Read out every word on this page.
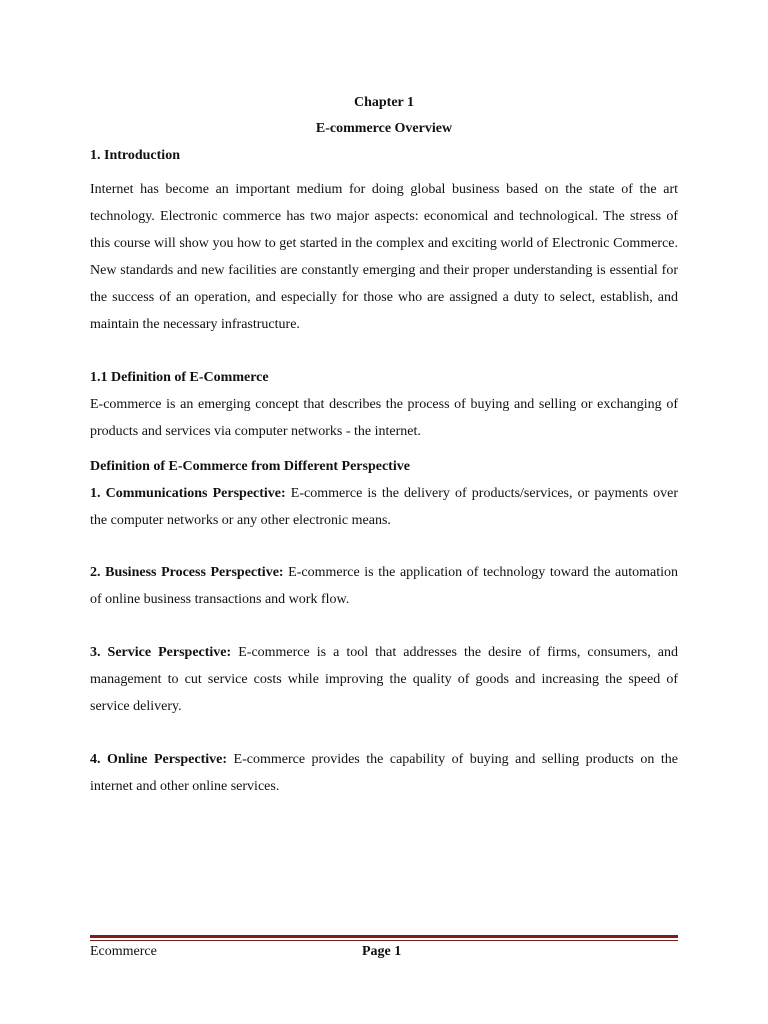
Chapter 1
E-commerce Overview
1. Introduction

Internet has become an important medium for doing global business based on the state of the art technology. Electronic commerce has two major aspects: economical and technological. The stress of this course will show you how to get started in the complex and exciting world of Electronic Commerce. New standards and new facilities are constantly emerging and their proper understanding is essential for the success of an operation, and especially for those who are assigned a duty to select, establish, and maintain the necessary infrastructure.

1.1 Definition of E-Commerce

E-commerce is an emerging concept that describes the process of buying and selling or exchanging of products and services via computer networks - the internet.

Definition of E-Commerce from Different Perspective

1. Communications Perspective: E-commerce is the delivery of products/services, or payments over the computer networks or any other electronic means.

2. Business Process Perspective: E-commerce is the application of technology toward the automation of online business transactions and work flow.

3. Service Perspective: E-commerce is a tool that addresses the desire of firms, consumers, and management to cut service costs while improving the quality of goods and increasing the speed of service delivery.

4. Online Perspective: E-commerce provides the capability of buying and selling products on the internet and other online services.

Ecommerce	Page 1
